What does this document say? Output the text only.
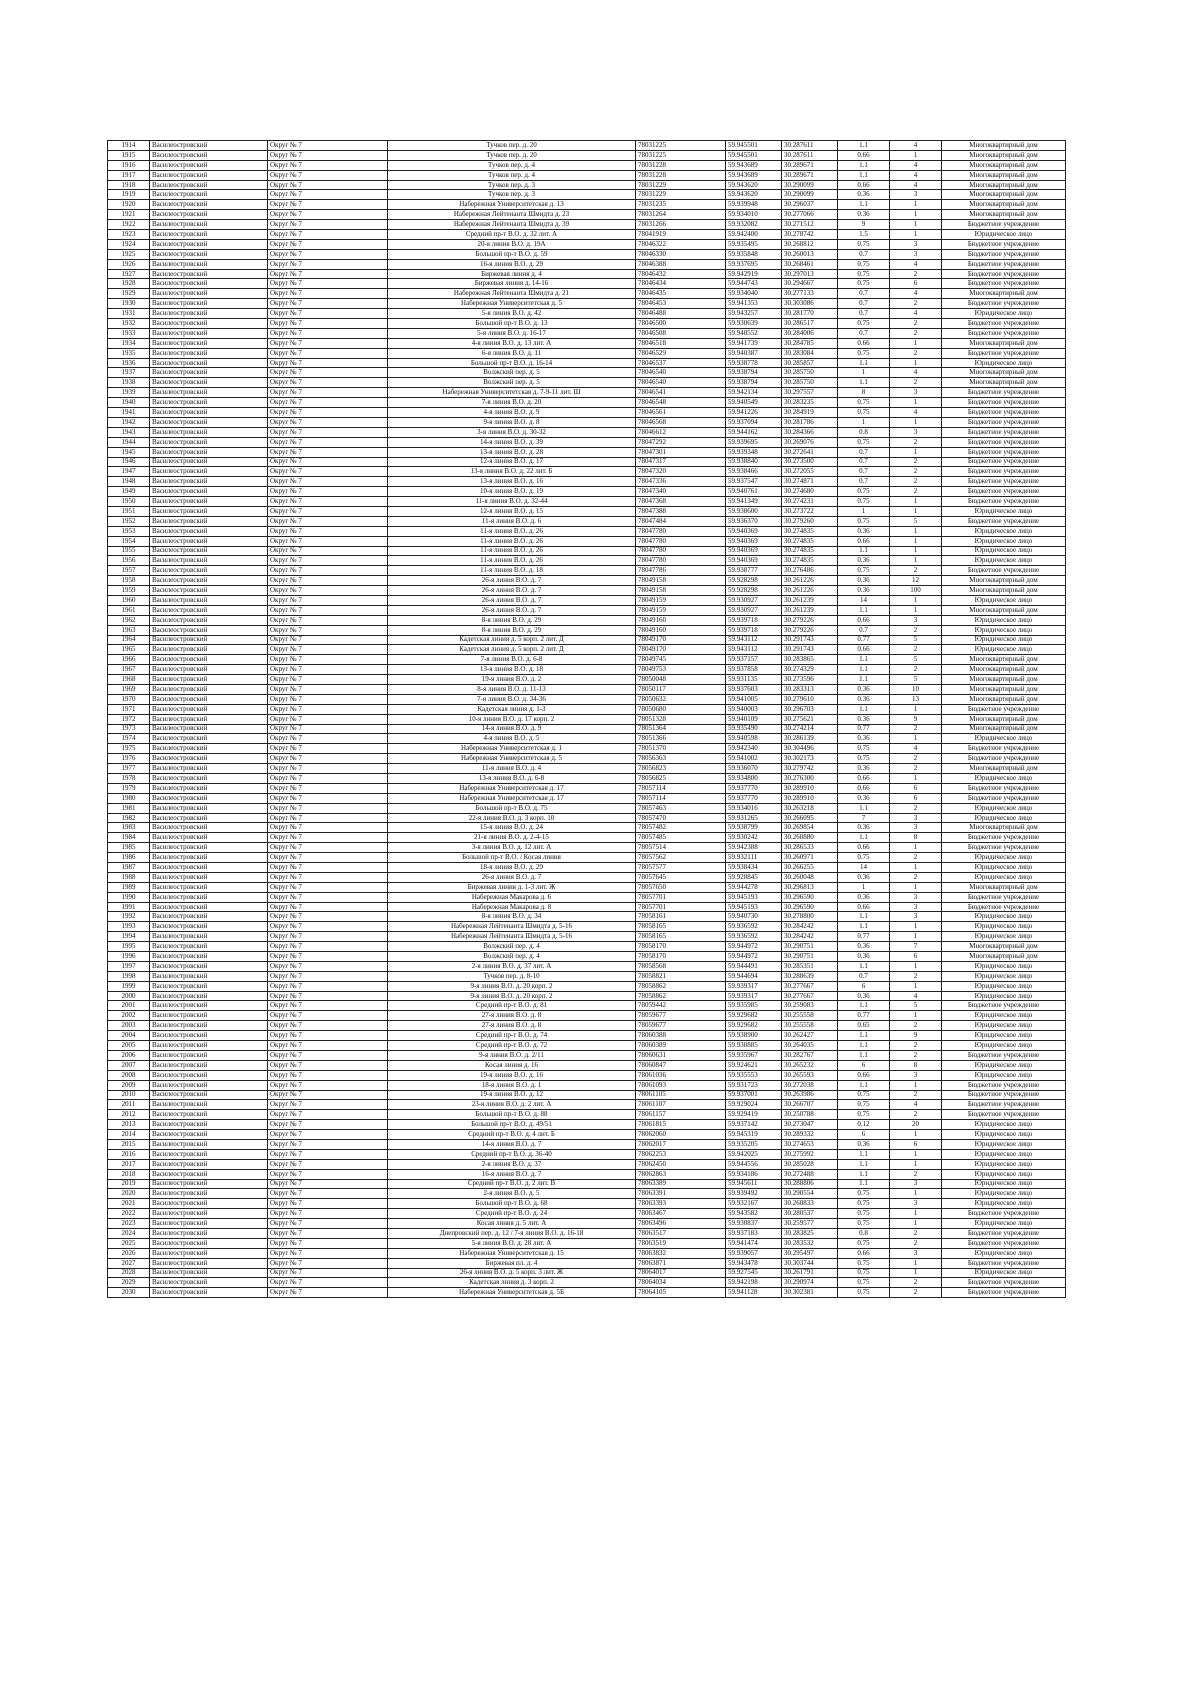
1914	Василеостровский	Округ № 7	Тучков пер. д. 20	78031225	59.945501	30.287611	1.1	4	Многоквартирный дом
1915	Василеостровский	Округ № 7	Тучков пер. д. 20	78031225	59.945501	30.287611	0.66	1	Многоквартирный дом
1916	Василеостровский	Округ № 7	Тучков пер. д. 4	78031228	59.943689	30.289671	1.1	4	Многоквартирный дом
1917	Василеостровский	Округ № 7	Тучков пер. д. 4	78031228	59.943689	30.289671	1.1	4	Многоквартирный дом
1918	Василеостровский	Округ № 7	Тучков пер. д. 3	78031229	59.943620	30.290099	0.66	4	Многоквартирный дом
1919	Василеостровский	Округ № 7	Тучков пер. д. 3	78031229	59.943620	30.290099	0.36	3	Многоквартирный дом
1920	Василеостровский	Округ № 7	Набережная Университетская д. 13	78031235	59.939948	30.296037	1.1	1	Многоквартирный дом
1921	Василеостровский	Округ № 7	Набережная Лейтенанта Шмидта д. 23	78031264	59.934010	30.277066	0.36	1	Многоквартирный дом
1922	Василеостровский	Округ № 7	Набережная Лейтенанта Шмидта д. 39	78031266	59.932082	30.271512	9	1	Бюджетное учреждение
1923	Василеостровский	Округ № 7	Средний пр-т В.О. д. 32 лит. А	78041919	59.942400	30.278742	1.5	1	Юридическое лицо
1924	Василеостровский	Округ № 7	20-я линия В.О. д. 19А	78046322	59.935495	30.268812	0.75	3	Бюджетное учреждение
1925	Василеостровский	Округ № 7	Большой пр-т В.О. д. 59	78046330	59.935848	30.260013	0.7	3	Бюджетное учреждение
1926	Василеостровский	Округ № 7	16-я линия В.О. д. 29	78046388	59.937695	30.268461	0.75	4	Бюджетное учреждение
1927	Василеостровский	Округ № 7	Биржевая линия д. 4	78046432	59.942919	30.297013	0.75	2	Бюджетное учреждение
1928	Василеостровский	Округ № 7	Биржевая линия д. 14-16	78046434	59.944743	30.294667	0.75	6	Бюджетное учреждение
1929	Василеостровский	Округ № 7	Набережная Лейтенанта Шмидта д. 21	78046435	59.934040	30.277133	0.7	4	Многоквартирный дом
1930	Василеостровский	Округ № 7	Набережная Университетская д. 5	78046453	59.941353	30.303086	0.7	2	Бюджетное учреждение
1931	Василеостровский	Округ № 7	5-я линия В.О. д. 42	78046488	59.943257	30.281770	0.7	4	Юридическое лицо
1932	Василеостровский	Округ № 7	Большой пр-т В.О. д. 13	78046500	59.930639	30.286517	0.75	2	Бюджетное учреждение
1933	Василеостровский	Округ № 7	5-я линия В.О. д. 16-17	78046508	59.940552	30.284006	0.7	2	Бюджетное учреждение
1934	Василеостровский	Округ № 7	4-я линия В.О. д. 13 лит. А	78046518	59.941739	30.284785	0.66	1	Многоквартирный дом
1935	Василеостровский	Округ № 7	6-я линия В.О. д. 11	78046529	59.940387	30.283084	0.75	2	Бюджетное учреждение
1936	Василеостровский	Округ № 7	Большой пр-т В.О. д. 16-14	78046537	59.938778	30.285857	1.1	1	Юридическое лицо
1937	Василеостровский	Округ № 7	Волжский пер. д. 5	78046540	59.938794	30.285750	1	4	Многоквартирный дом
1938	Василеостровский	Округ № 7	Волжский пер. д. 5	78046540	59.938794	30.285750	1.1	2	Многоквартирный дом
1939	Василеостровский	Округ № 7	Набережная Университетская д. 7-9-11 лит. Ш	78046541	59.942134	30.297557	8	3	Бюджетное учреждение
1940	Василеостровский	Округ № 7	7-я линия В.О. д. 20	78046548	59.940549	30.283235	0.75	1	Бюджетное учреждение
1941	Василеостровский	Округ № 7	4-я линия В.О. д. 9	78046561	59.941226	30.284919	0.75	4	Бюджетное учреждение
1942	Василеостровский	Округ № 7	9-я линия В.О. д. 8	78046568	59.937094	30.281786	1	1	Бюджетное учреждение
1943	Василеостровский	Округ № 7	3-я линия В.О. д. 30-32	78046612	59.944162	30.284366	0.8	3	Бюджетное учреждение
1944	Василеостровский	Округ № 7	14-я линия В.О. д. 39	78047292	59.939695	30.269076	0.75	2	Бюджетное учреждение
1945	Василеостровский	Округ № 7	13-я линия В.О. д. 28	78047301	59.939348	30.272641	0.7	1	Бюджетное учреждение
1946	Василеостровский	Округ № 7	12-я линия В.О. д. 17	78047317	59.938840	30.273500	0.7	2	Бюджетное учреждение
1947	Василеостровский	Округ № 7	13-я линия В.О. д. 22 лит. Б	78047320	59.938466	30.272055	0.7	2	Бюджетное учреждение
1948	Василеостровский	Округ № 7	13-я линия В.О. д. 16	78047336	59.937547	30.274871	0.7	2	Бюджетное учреждение
1949	Василеостровский	Округ № 7	10-я линия В.О. д. 19	78047340	59.940761	30.274680	0.75	2	Бюджетное учреждение
1950	Василеостровский	Округ № 7	11-я линия В.О. д. 32-44	78047368	59.941349	30.274231	0.75	1	Бюджетное учреждение
1951	Василеостровский	Округ № 7	12-я линия В.О. д. 15	78047388	59.938600	30.273722	1	1	Юридическое лицо
1952	Василеостровский	Округ № 7	11-я линия В.О. д. 6	78047484	59.936370	30.279260	0.75	5	Бюджетное учреждение
1953	Василеостровский	Округ № 7	11-я линия В.О. д. 26	78047780	59.940369	30.274835	0.36	1	Юридическое лицо
1954	Василеостровский	Округ № 7	11-я линия В.О. д. 26	78047780	59.940369	30.274835	0.66	1	Юридическое лицо
1955	Василеостровский	Округ № 7	11-я линия В.О. д. 26	78047780	59.940369	30.274835	1.1	1	Юридическое лицо
1956	Василеостровский	Округ № 7	11-я линия В.О. д. 26	78047780	59.940369	30.274835	0.36	1	Юридическое лицо
1957	Василеостровский	Округ № 7	11-я линия В.О. д. 18	78047786	59.938777	30.276486	0.75	2	Бюджетное учреждение
1958	Василеостровский	Округ № 7	26-я линия В.О. д. 7	78049158	59.928298	30.261226	0.36	12	Многоквартирный дом
1959	Василеостровский	Округ № 7	26-я линия В.О. д. 7	78049158	59.928298	30.261226	0.36	100	Многоквартирный дом
1960	Василеостровский	Округ № 7	26-я линия В.О. д. 7	78049159	59.930927	30.261239	14	1	Юридическое лицо
1961	Василеостровский	Округ № 7	26-я линия В.О. д. 7	78049159	59.930927	30.261239	1.1	1	Многоквартирный дом
1962	Василеостровский	Округ № 7	8-я линия В.О. д. 29	78049160	59.939718	30.279226	0.66	3	Юридическое лицо
1963	Василеостровский	Округ № 7	8-я линия В.О. д. 29	78049160	59.939718	30.279226	0.7	2	Юридическое лицо
1964	Василеостровский	Округ № 7	Кадетская линия д. 5 корп. 2 лит. Д	78049170	59.943112	30.291743	0.77	5	Юридическое лицо
1965	Василеостровский	Округ № 7	Кадетская линия д. 5 корп. 2 лит. Д	78049170	59.943112	30.291743	0.66	2	Юридическое лицо
1966	Василеостровский	Округ № 7	7-я линия В.О. д. 6-8	78049745	59.937157	30.283865	1.1	5	Многоквартирный дом
1967	Василеостровский	Округ № 7	13-я линия В.О. д. 18	78049753	59.937858	30.274329	1.1	2	Многоквартирный дом
1968	Василеостровский	Округ № 7	19-я линия В.О. д. 2	78050048	59.931135	30.273596	1.1	5	Многоквартирный дом
1969	Василеостровский	Округ № 7	8-я линия В.О. д. 11-13	78050117	59.937603	30.283313	0.36	10	Многоквартирный дом
1970	Василеостровский	Округ № 7	7-я линия В.О. д. 34-36	78050632	59.941005	30.279610	0.36	13	Многоквартирный дом
1971	Василеостровский	Округ № 7	Кадетская линия д. 1-3	78050680	59.940003	30.296703	1.1	1	Бюджетное учреждение
1972	Василеостровский	Округ № 7	10-я линия В.О. д. 17 корп. 2	78051328	59.940109	30.275621	0.36	9	Многоквартирный дом
1973	Василеостровский	Округ № 7	14-я линия В.О. д. 9	78051364	59.935490	30.274214	0.77	2	Многоквартирный дом
1974	Василеостровский	Округ № 7	4-я линия В.О. д. 5	78051366	59.940598	30.286139	0.36	1	Юридическое лицо
1975	Василеостровский	Округ № 7	Набережная Университетская д. 1	78051370	59.942340	30.304496	0.75	4	Бюджетное учреждение
1976	Василеостровский	Округ № 7	Набережная Университетская д. 5	78056363	59.941002	30.302173	0.75	2	Бюджетное учреждение
1977	Василеостровский	Округ № 7	11-я линия В.О. д. 4	78056823	59.936070	30.279742	0.36	2	Многоквартирный дом
1978	Василеостровский	Округ № 7	13-я линия В.О. д. 6-8	78056825	59.934800	30.276300	0.66	1	Юридическое лицо
1979	Василеостровский	Округ № 7	Набережная Университетская д. 17	78057114	59.937770	30.289910	0.66	6	Бюджетное учреждение
1980	Василеостровский	Округ № 7	Набережная Университетская д. 17	78057114	59.937770	30.289910	0.36	6	Бюджетное учреждение
1981	Василеостровский	Округ № 7	Большой пр-т В.О. д. 75	78057463	59.934016	30.263218	1.1	2	Юридическое лицо
1982	Василеостровский	Округ № 7	22-я линия В.О. д. 3 корп. 10	78057470	59.931265	30.266095	7	3	Юридическое лицо
1983	Василеостровский	Округ № 7	15-я линия В.О. д. 24	78057482	59.938799	30.269854	0.36	3	Многоквартирный дом
1984	Василеостровский	Округ № 7	21-я линия В.О. д. 2-4-15	78057485	59.930242	30.268880	1.1	8	Бюджетное учреждение
1985	Василеостровский	Округ № 7	3-я линия В.О. д. 12 лит. А	78057514	59.942388	30.286533	0.66	1	Бюджетное учреждение
1986	Василеостровский	Округ № 7	Большой пр-т В.О. / Косая линия	78057562	59.932111	30.260971	0.75	2	Юридическое лицо
1987	Василеостровский	Округ № 7	18-я линия В.О. д. 29	78057577	59.938434	30.266255	14	1	Юридическое лицо
1988	Василеостровский	Округ № 7	26-я линия В.О. д. 7	78057645	59.928845	30.260048	0.36	2	Юридическое лицо
1989	Василеостровский	Округ № 7	Биржевая линия д. 1-3 лит. Ж	78057650	59.944278	30.296813	1	1	Многоквартирный дом
1990	Василеостровский	Округ № 7	Набережная Макарова д. 6	78057701	59.945193	30.296590	0.36	3	Бюджетное учреждение
1991	Василеостровский	Округ № 7	Набережная Макарова д. 8	78057701	59.945193	30.296590	0.66	3	Бюджетное учреждение
1992	Василеостровский	Округ № 7	8-я линия В.О. д. 34	78058161	59.940730	30.278800	1.1	3	Юридическое лицо
1993	Василеостровский	Округ № 7	Набережная Лейтенанта Шмидта д. 5-16	78058165	59.936592	30.284242	1.1	1	Юридическое лицо
1994	Василеостровский	Округ № 7	Набережная Лейтенанта Шмидта д. 5-16	78058165	59.936592	30.284242	0.77	1	Юридическое лицо
1995	Василеостровский	Округ № 7	Волжский пер. д. 4	78058170	59.944972	30.290751	0.36	7	Многоквартирный дом
1996	Василеостровский	Округ № 7	Волжский пер. д. 4	78058170	59.944972	30.290751	0.36	6	Многоквартирный дом
1997	Василеостровский	Округ № 7	2-я линия В.О. д. 37 лит. А	78058568	59.944491	30.285351	1.1	1	Юридическое лицо
1998	Василеостровский	Округ № 7	Тучков пер. д. 8-10	78058821	59.944694	30.288639	0.7	2	Юридическое лицо
1999	Василеостровский	Округ № 7	9-я линия В.О. д. 20 корп. 2	78058862	59.939317	30.277667	6	1	Юридическое лицо
2000	Василеостровский	Округ № 7	9-я линия В.О. д. 20 корп. 2	78058862	59.939317	30.277667	0.36	4	Юридическое лицо
2001	Василеостровский	Округ № 7	Средний пр-т В.О. д. 81	78059442	59.935985	30.259083	1.1	5	Бюджетное учреждение
2002	Василеостровский	Округ № 7	27-я линия В.О. д. 8	78059677	59.929682	30.255558	0.77	1	Юридическое лицо
2003	Василеостровский	Округ № 7	27-я линия В.О. д. 8	78059677	59.929682	30.255558	0.65	2	Юридическое лицо
2004	Василеостровский	Округ № 7	Средний пр-т В.О. д. 74	78060388	59.938900	30.262427	1.1	9	Юридическое лицо
2005	Василеостровский	Округ № 7	Средний пр-т В.О. д. 72	78060389	59.938885	30.264035	1.1	2	Юридическое лицо
2006	Василеостровский	Округ № 7	9-я линия В.О. д. 2/11	78060631	59.935967	30.282767	1.1	2	Бюджетное учреждение
2007	Василеостровский	Округ № 7	Косая линия д. 16	78060847	59.924621	30.265232	6	8	Юридическое лицо
2008	Василеостровский	Округ № 7	19-я линия В.О. д. 16	78061036	59.935553	30.265593	0.66	3	Юридическое лицо
2009	Василеостровский	Округ № 7	18-я линия В.О. д. 1	78061093	59.931723	30.272038	1.1	1	Бюджетное учреждение
2010	Василеостровский	Округ № 7	19-я линия В.О. д. 12	78061105	59.937001	30.263986	0.75	2	Бюджетное учреждение
2011	Василеостровский	Округ № 7	23-я линия В.О. д. 2 лит. А	78061107	59.929024	30.266707	0.75	4	Бюджетное учреждение
2012	Василеостровский	Округ № 7	Большой пр-т В.О. д. 88	78061157	59.929419	30.250788	0.75	2	Бюджетное учреждение
2013	Василеостровский	Округ № 7	Большой пр-т В.О. д. 49/51	78061815	59.937142	30.273047	0.12	20	Юридическое лицо
2014	Василеостровский	Округ № 7	Средний пр-т В.О. д. 4 лит. Б	78062060	59.945319	30.289332	6	1	Юридическое лицо
2015	Василеостровский	Округ № 7	14-я линия В.О. д. 7	78062017	59.935205	30.274653	0.36	6	Юридическое лицо
2016	Василеостровский	Округ № 7	Средний пр-т В.О. д. 36-40	78062253	59.942025	30.275992	1.1	1	Юридическое лицо
2017	Василеостровский	Округ № 7	2-я линия В.О. д. 37	78062450	59.944556	30.285028	1.1	1	Юридическое лицо
2018	Василеостровский	Округ № 7	16-я линия В.О. д. 7	78062863	59.934186	30.272488	1.1	2	Юридическое лицо
2019	Василеостровский	Округ № 7	Средний пр-т В.О. д. 2 лит. В	78063389	59.945611	30.288806	1.1	3	Юридическое лицо
2020	Василеостровский	Округ № 7	2-я линия В.О. д. 5	78063391	59.939492	30.290554	0.75	1	Юридическое лицо
2021	Василеостровский	Округ № 7	Большой пр-т В.О. д. 68	78063393	59.932167	30.260833	0.75	3	Юридическое лицо
2022	Василеостровский	Округ № 7	Средний пр-т В.О. д. 24	78063467	59.943582	30.280537	0.75	1	Бюджетное учреждение
2023	Василеостровский	Округ № 7	Косая линия д. 5 лит. А	78063496	59.930837	30.259577	0.75	1	Юридическое лицо
2024	Василеостровский	Округ № 7	Днепровский пер. д. 12 / 7-я линия В.О. д. 16-18	78063517	59.937183	30.283825	0.8	2	Бюджетное учреждение
2025	Василеостровский	Округ № 7	5-я линия В.О. д. 28 лит. А	78063519	59.941474	30.283532	0.75	2	Бюджетное учреждение
2026	Василеостровский	Округ № 7	Набережная Университетская д. 15	78063832	59.939057	30.295497	0.66	3	Юридическое лицо
2027	Василеостровский	Округ № 7	Биржевая пл. д. 4	78063871	59.943478	30.303744	0.75	1	Бюджетное учреждение
2028	Василеостровский	Округ № 7	26-я линия В.О. д. 5 корп. 3 лит. Ж	78064017	59.927545	30.261791	0.75	1	Юридическое лицо
2029	Василеостровский	Округ № 7	Кадетская линия д. 3 корп. 2	78064034	59.942198	30.290974	0.75	2	Бюджетное учреждение
2030	Василеостровский	Округ № 7	Набережная Университетская д. 5Б	78064105	59.941128	30.302381	0.75	2	Бюджетное учреждение
